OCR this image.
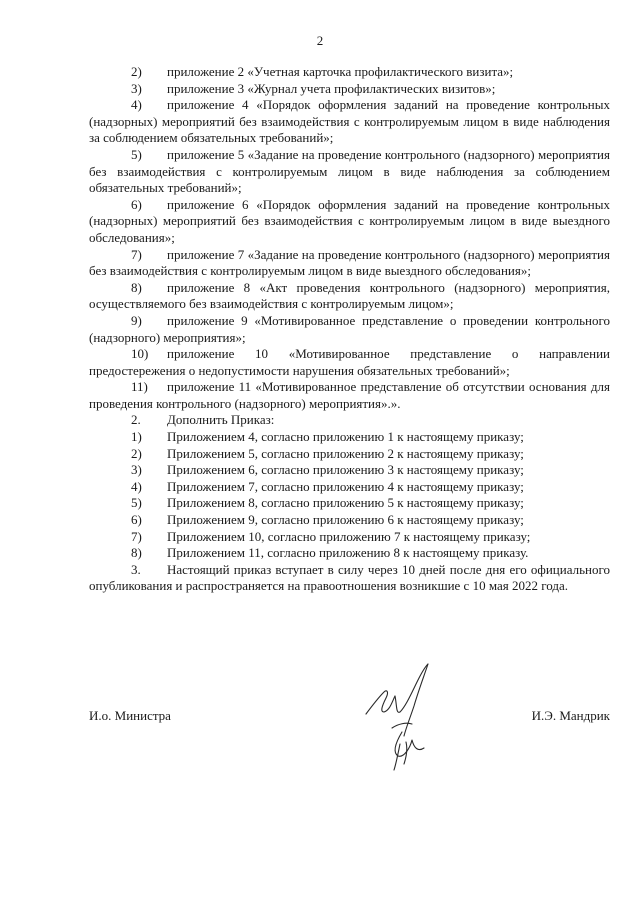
2

2) приложение 2 «Учетная карточка профилактического визита»;

3) приложение 3 «Журнал учета профилактических визитов»;

4) приложение 4 «Порядок оформления заданий на проведение контрольных (надзорных) мероприятий без взаимодействия с контролируемым лицом в виде наблюдения за соблюдением обязательных требований»;

5) приложение 5 «Задание на проведение контрольного (надзорного) мероприятия без взаимодействия с контролируемым лицом в виде наблюдения за соблюдением обязательных требований»;

6) приложение 6 «Порядок оформления заданий на проведение контрольных (надзорных) мероприятий без взаимодействия с контролируемым лицом в виде выездного обследования»;

7) приложение 7 «Задание на проведение контрольного (надзорного) мероприятия без взаимодействия с контролируемым лицом в виде выездного обследования»;

8) приложение 8 «Акт проведения контрольного (надзорного) мероприятия, осуществляемого без взаимодействия с контролируемым лицом»;

9) приложение 9 «Мотивированное представление о проведении контрольного (надзорного) мероприятия»;

10) приложение 10 «Мотивированное представление о направлении предостережения о недопустимости нарушения обязательных требований»;

11) приложение 11 «Мотивированное представление об отсутствии основания для проведения контрольного (надзорного) мероприятия».».

2. Дополнить Приказ:

1) Приложением 4, согласно приложению 1 к настоящему приказу;

2) Приложением 5, согласно приложению 2 к настоящему приказу;

3) Приложением 6, согласно приложению 3 к настоящему приказу;

4) Приложением 7, согласно приложению 4 к настоящему приказу;

5) Приложением 8, согласно приложению 5 к настоящему приказу;

6) Приложением 9, согласно приложению 6 к настоящему приказу;

7) Приложением 10, согласно приложению 7 к настоящему приказу;

8) Приложением 11, согласно приложению 8 к настоящему приказу.

3. Настоящий приказ вступает в силу через 10 дней после дня его официального опубликования и распространяется на правоотношения возникшие с 10 мая 2022 года.

И.о. Министра	И.Э. Мандрик
